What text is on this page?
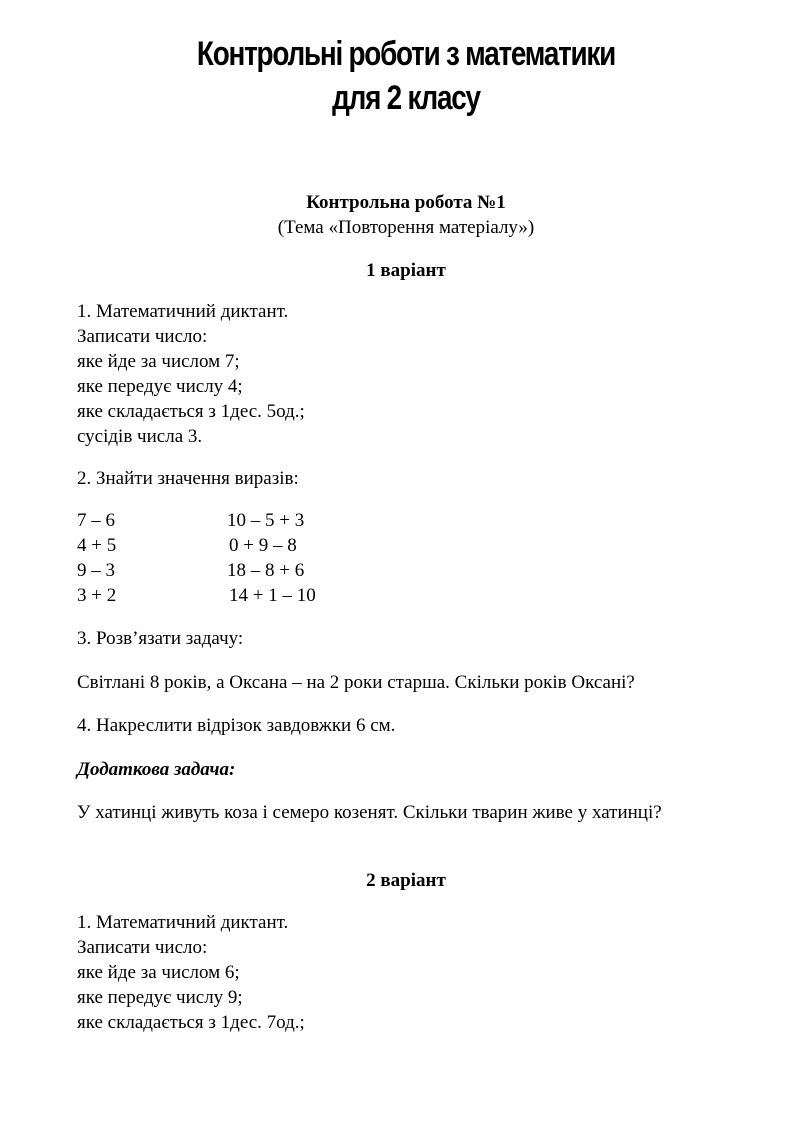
Контрольні роботи з математики
для 2 класу
Контрольна робота №1
(Тема «Повторення матеріалу»)
1 варіант
1. Математичний диктант.
Записати число:
яке йде за числом 7;
яке передує числу 4;
яке складається з 1дес. 5од.;
сусідів числа 3.
2. Знайти значення виразів:
7 – 6	10 – 5 + 3
4 + 5	0 + 9 – 8
9 – 3	18 – 8 + 6
3 + 2	14 + 1 – 10
3. Розв’язати задачу:
Світлані 8 років, а Оксана – на 2 роки старша. Скільки років Оксані?
4. Накреслити відрізок завдовжки 6 см.
Додаткова задача:
У хатинці живуть коза і семеро козенят. Скільки тварин живе у хатинці?
2 варіант
1. Математичний диктант.
Записати число:
яке йде за числом 6;
яке передує числу 9;
яке складається з 1дес. 7од.;
